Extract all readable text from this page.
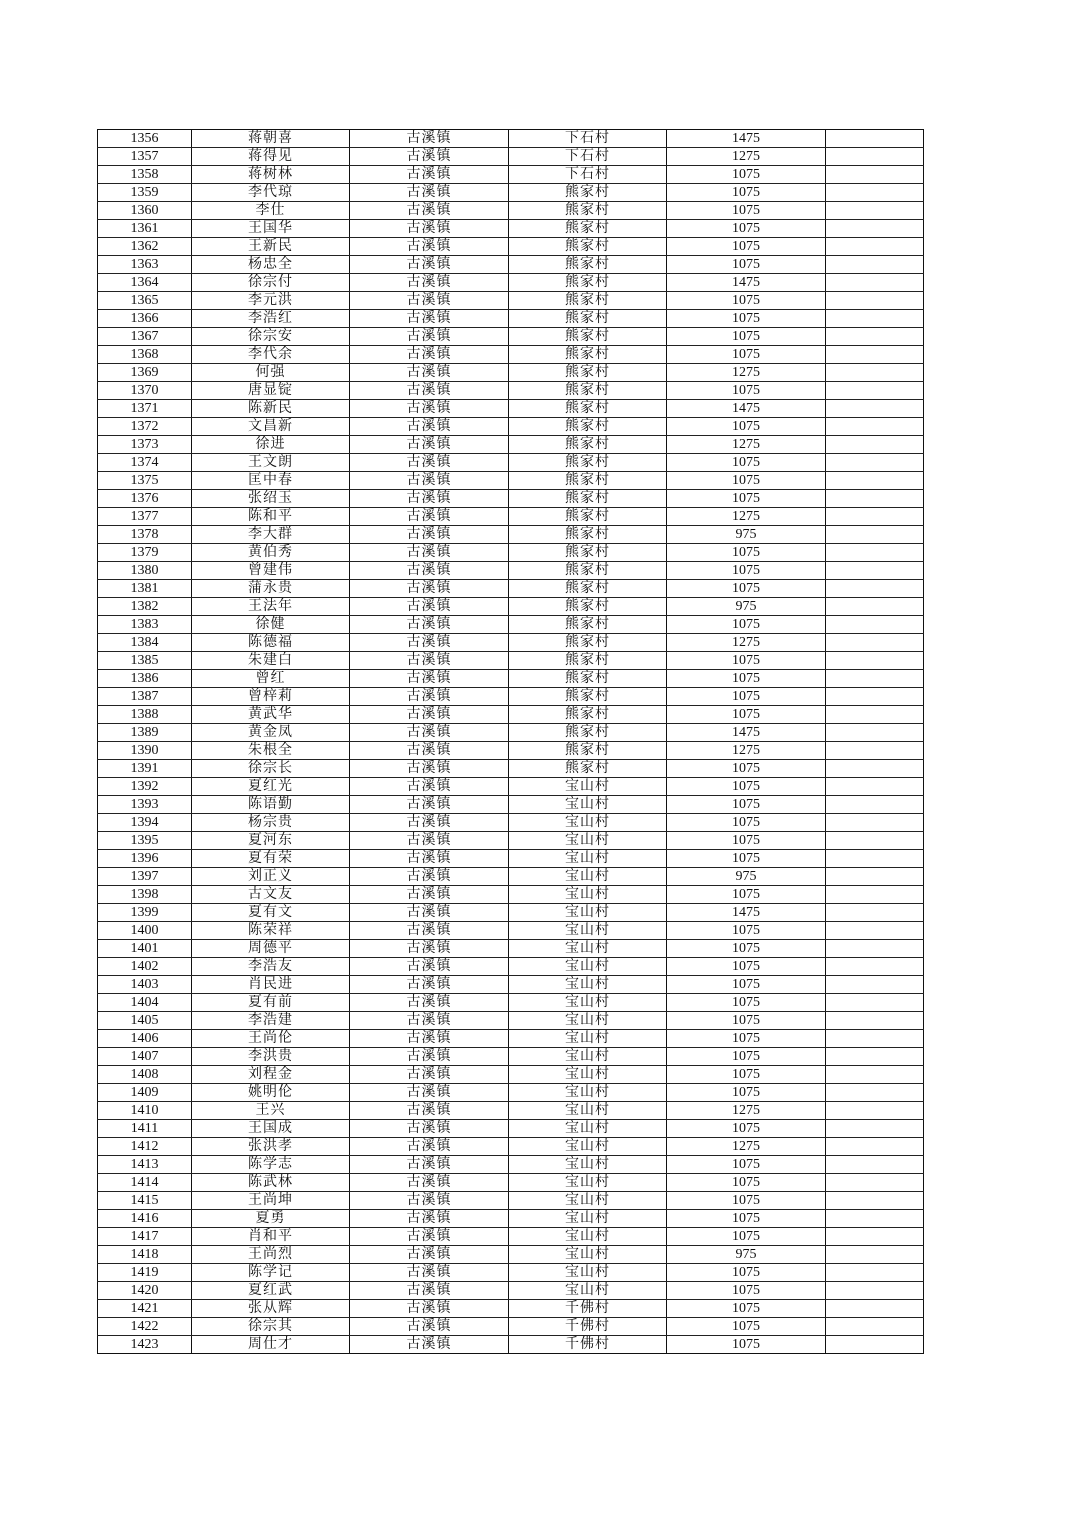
1356	蒋朝喜	古溪镇	下石村	1475	
1357	蒋得见	古溪镇	下石村	1275	
1358	蒋树林	古溪镇	下石村	1075	
1359	李代琼	古溪镇	熊家村	1075	
1360	李仕	古溪镇	熊家村	1075	
1361	王国华	古溪镇	熊家村	1075	
1362	王新民	古溪镇	熊家村	1075	
1363	杨忠全	古溪镇	熊家村	1075	
1364	徐宗付	古溪镇	熊家村	1475	
1365	李元洪	古溪镇	熊家村	1075	
1366	李浩红	古溪镇	熊家村	1075	
1367	徐宗安	古溪镇	熊家村	1075	
1368	李代余	古溪镇	熊家村	1075	
1369	何强	古溪镇	熊家村	1275	
1370	唐显锭	古溪镇	熊家村	1075	
1371	陈新民	古溪镇	熊家村	1475	
1372	文昌新	古溪镇	熊家村	1075	
1373	徐进	古溪镇	熊家村	1275	
1374	王文朗	古溪镇	熊家村	1075	
1375	匡中春	古溪镇	熊家村	1075	
1376	张绍玉	古溪镇	熊家村	1075	
1377	陈和平	古溪镇	熊家村	1275	
1378	李大群	古溪镇	熊家村	975	
1379	黄伯秀	古溪镇	熊家村	1075	
1380	曾建伟	古溪镇	熊家村	1075	
1381	蒲永贵	古溪镇	熊家村	1075	
1382	王法年	古溪镇	熊家村	975	
1383	徐健	古溪镇	熊家村	1075	
1384	陈德福	古溪镇	熊家村	1275	
1385	朱建白	古溪镇	熊家村	1075	
1386	曾红	古溪镇	熊家村	1075	
1387	曾梓莉	古溪镇	熊家村	1075	
1388	黄武华	古溪镇	熊家村	1075	
1389	黄金凤	古溪镇	熊家村	1475	
1390	朱根全	古溪镇	熊家村	1275	
1391	徐宗长	古溪镇	熊家村	1075	
1392	夏红光	古溪镇	宝山村	1075	
1393	陈语勤	古溪镇	宝山村	1075	
1394	杨宗贵	古溪镇	宝山村	1075	
1395	夏河东	古溪镇	宝山村	1075	
1396	夏有荣	古溪镇	宝山村	1075	
1397	刘正义	古溪镇	宝山村	975	
1398	古文友	古溪镇	宝山村	1075	
1399	夏有文	古溪镇	宝山村	1475	
1400	陈荣祥	古溪镇	宝山村	1075	
1401	周德平	古溪镇	宝山村	1075	
1402	李浩友	古溪镇	宝山村	1075	
1403	肖民进	古溪镇	宝山村	1075	
1404	夏有前	古溪镇	宝山村	1075	
1405	李浩建	古溪镇	宝山村	1075	
1406	王尚伦	古溪镇	宝山村	1075	
1407	李洪贵	古溪镇	宝山村	1075	
1408	刘程金	古溪镇	宝山村	1075	
1409	姚明伦	古溪镇	宝山村	1075	
1410	王兴	古溪镇	宝山村	1275	
1411	王国成	古溪镇	宝山村	1075	
1412	张洪孝	古溪镇	宝山村	1275	
1413	陈学志	古溪镇	宝山村	1075	
1414	陈武林	古溪镇	宝山村	1075	
1415	王尚坤	古溪镇	宝山村	1075	
1416	夏勇	古溪镇	宝山村	1075	
1417	肖和平	古溪镇	宝山村	1075	
1418	王尚烈	古溪镇	宝山村	975	
1419	陈学记	古溪镇	宝山村	1075	
1420	夏红武	古溪镇	宝山村	1075	
1421	张从辉	古溪镇	千佛村	1075	
1422	徐宗其	古溪镇	千佛村	1075	
1423	周仕才	古溪镇	千佛村	1075	
